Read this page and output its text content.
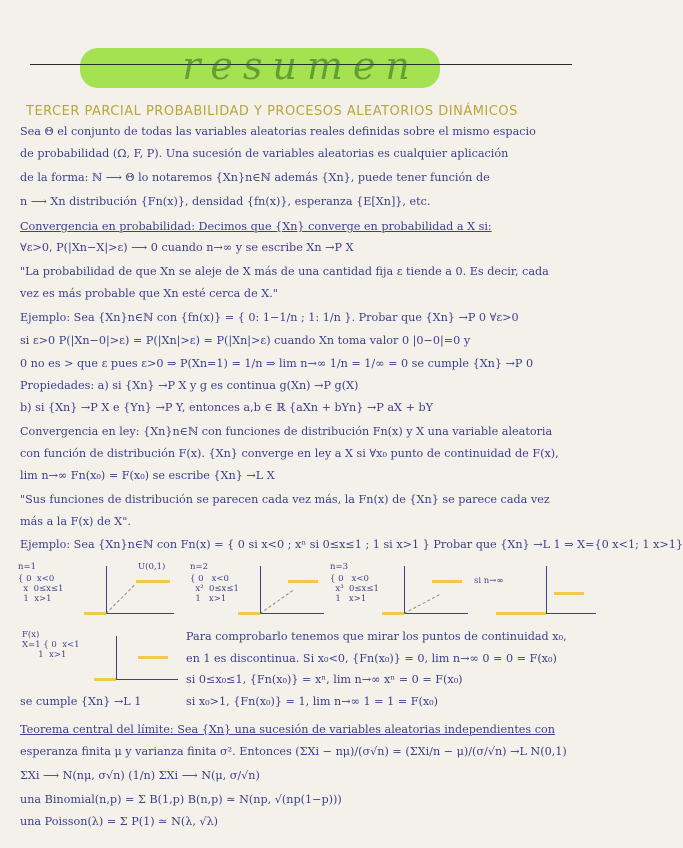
resumen
TERCER PARCIAL PROBABILIDAD Y PROCESOS ALEATORIOS DINÁMICOS
Sea Θ el conjunto de todas las variables aleatorias reales definidas sobre el mismo espacio
de probabilidad (Ω, F, P). Una sucesión de variables aleatorias es cualquier aplicación
de la forma: ℕ ⟶ Θ lo notaremos {Xn}n∈ℕ además {Xn}, puede tener función de
n ⟶ Xn distribución {Fn(x)}, densidad {fn(x)}, esperanza {E[Xn]}, etc.
Convergencia en probabilidad: Decimos que {Xn} converge en probabilidad a X si:
∀ε>0, P(|Xn−X|>ε) ⟶ 0 cuando n→∞ y se escribe Xn →P X
"La probabilidad de que Xn se aleje de X más de una cantidad fija ε tiende a 0. Es decir, cada
vez es más probable que Xn esté cerca de X."
Ejemplo: Sea {Xn}n∈ℕ con {fn(x)} = { 0: 1−1/n ; 1: 1/n }. Probar que {Xn} →P 0 ∀ε>0
si ε>0 P(|Xn−0|>ε) = P(|Xn|>ε) = P(|Xn|>ε) cuando Xn toma valor 0 |0−0|=0 y
0 no es > que ε pues ε>0 ⇒ P(Xn=1) = 1/n ⇒ lim n→∞ 1/n = 1/∞ = 0 se cumple {Xn} →P 0
Propiedades: a) si {Xn} →P X y g es continua g(Xn) →P g(X)
b) si {Xn} →P X e {Yn} →P Y, entonces a,b ∈ ℝ {aXn + bYn} →P aX + bY
Convergencia en ley: {Xn}n∈ℕ con funciones de distribución Fn(x) y X una variable aleatoria
con función de distribución F(x). {Xn} converge en ley a X si ∀x₀ punto de continuidad de F(x),
lim n→∞ Fn(x₀) = F(x₀) se escribe {Xn} →L X
"Sus funciones de distribución se parecen cada vez más, la Fn(x) de {Xn} se parece cada vez
más a la F(x) de X".
Ejemplo: Sea {Xn}n∈ℕ con Fn(x) = { 0 si x<0 ; xⁿ si 0≤x≤1 ; 1 si x>1 } Probar que {Xn} →L 1 ⇒ X={0 x<1; 1 x>1}
n=1
{ 0  x<0
x  0≤x≤1
1  x>1
U(0,1)	n=2
{ 0   x<0
x²  0≤x≤1
1   x>1
n=3
{ 0   x<0
x³  0≤x≤1
1   x>1
si n→∞
F(x)
X=1 { 0  x<1
1  x>1
Para comprobarlo tenemos que mirar los puntos de continuidad x₀,
en 1 es discontinua. Si x₀<0, {Fn(x₀)} = 0, lim n→∞ 0 = 0 = F(x₀)
si 0≤x₀≤1, {Fn(x₀)} = xⁿ, lim n→∞ xⁿ = 0 = F(x₀)
si x₀>1, {Fn(x₀)} = 1, lim n→∞ 1 = 1 = F(x₀)
se cumple {Xn} →L 1
Teorema central del límite: Sea {Xn} una sucesión de variables aleatorias independientes con
esperanza finita μ y varianza finita σ². Entonces (ΣXi − nμ)/(σ√n) = (ΣXi/n − μ)/(σ/√n) →L N(0,1)
ΣXi ⟶ N(nμ, σ√n) (1/n) ΣXi ⟶ N(μ, σ/√n)
una Binomial(n,p) = Σ B(1,p) B(n,p) ≃ N(np, √(np(1−p)))
una Poisson(λ) = Σ P(1) ≃ N(λ, √λ)
